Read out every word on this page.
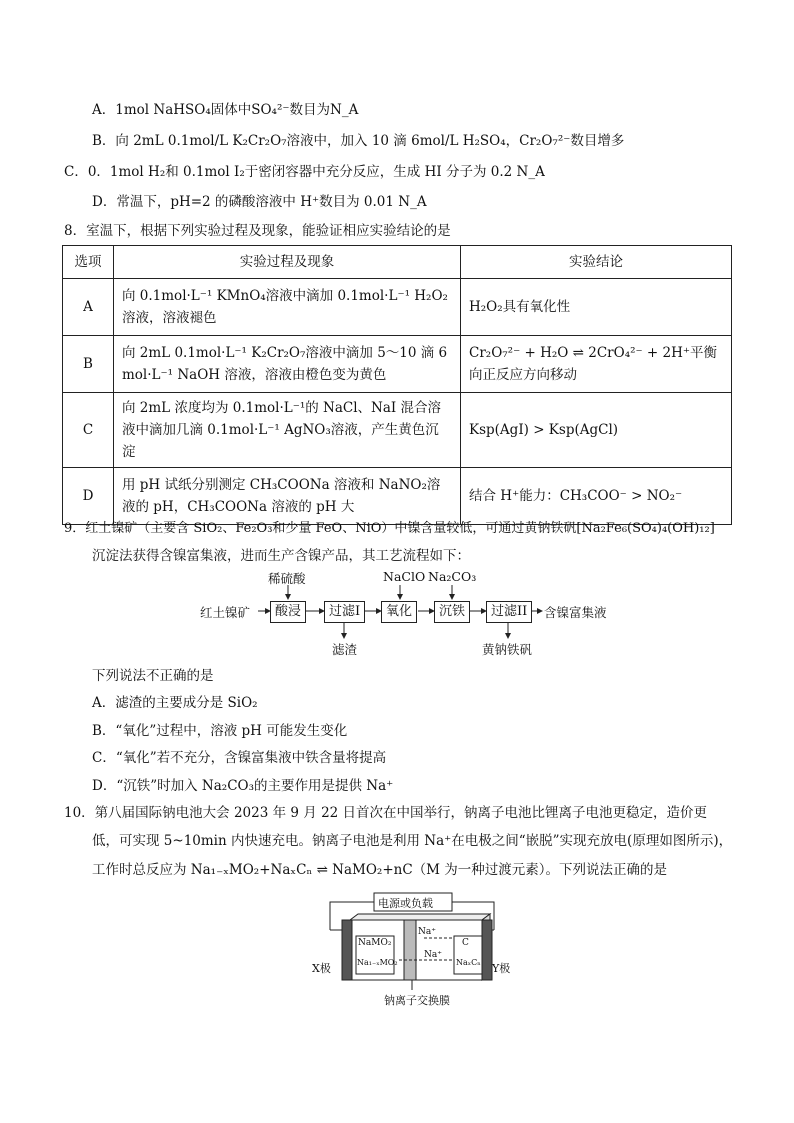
A．1mol NaHSO₄固体中SO₄²⁻数目为N_A
B．向 2mL 0.1mol/L K₂Cr₂O₇溶液中，加入 10 滴 6mol/L H₂SO₄，Cr₂O₇²⁻数目增多
C．0．1mol H₂和 0.1mol I₂于密闭容器中充分反应，生成 HI 分子为 0.2 N_A
D．常温下，pH=2 的磷酸溶液中 H⁺数目为 0.01 N_A
8．室温下，根据下列实验过程及现象，能验证相应实验结论的是
选项	实验过程及现象	实验结论
A	向 0.1mol·L⁻¹ KMnO₄溶液中滴加 0.1mol·L⁻¹ H₂O₂溶液，溶液褪色	H₂O₂具有氧化性
B	向 2mL 0.1mol·L⁻¹ K₂Cr₂O₇溶液中滴加 5～10 滴 6 mol·L⁻¹ NaOH 溶液，溶液由橙色变为黄色	Cr₂O₇²⁻ + H₂O ⇌ 2CrO₄²⁻ + 2H⁺平衡向正反应方向移动
C	向 2mL 浓度均为 0.1mol·L⁻¹的 NaCl、NaI 混合溶液中滴加几滴 0.1mol·L⁻¹ AgNO₃溶液，产生黄色沉淀	Ksp(AgI) > Ksp(AgCl)
D	用 pH 试纸分别测定 CH₃COONa 溶液和 NaNO₂溶液的 pH，CH₃COONa 溶液的 pH 大	结合 H⁺能力：CH₃COO⁻ > NO₂⁻
9．红土镍矿（主要含 SiO₂、Fe₂O₃和少量 FeO、NiO）中镍含量较低，可通过黄钠铁矾[Na₂Fe₆(SO₄)₄(OH)₁₂]
沉淀法获得含镍富集液，进而生产含镍产品，其工艺流程如下：
红土镍矿	酸浸	过滤I	氧化	沉铁	过滤II	含镍富集液
稀硫酸	NaClO Na₂CO₃
滤渣	黄钠铁矾
下列说法不正确的是
A．滤渣的主要成分是 SiO₂
B．“氧化”过程中，溶液 pH 可能发生变化
C．“氧化”若不充分，含镍富集液中铁含量将提高
D．“沉铁”时加入 Na₂CO₃的主要作用是提供 Na⁺
10．第八届国际钠电池大会 2023 年 9 月 22 日首次在中国举行，钠离子电池比锂离子电池更稳定，造价更
低，可实现 5~10min 内快速充电。钠离子电池是利用 Na⁺在电极之间“嵌脱”实现充放电(原理如图所示)，
工作时总反应为 Na₁₋ₓMO₂+NaₓCₙ ⇌ NaMO₂+nC（M 为一种过渡元素）。下列说法正确的是
电源或负载
X极	Y极
钠离子交换膜
NaMO₂
Na₁₋ₓMO₂
C
NaₓCₙ
Na⁺
Na⁺
